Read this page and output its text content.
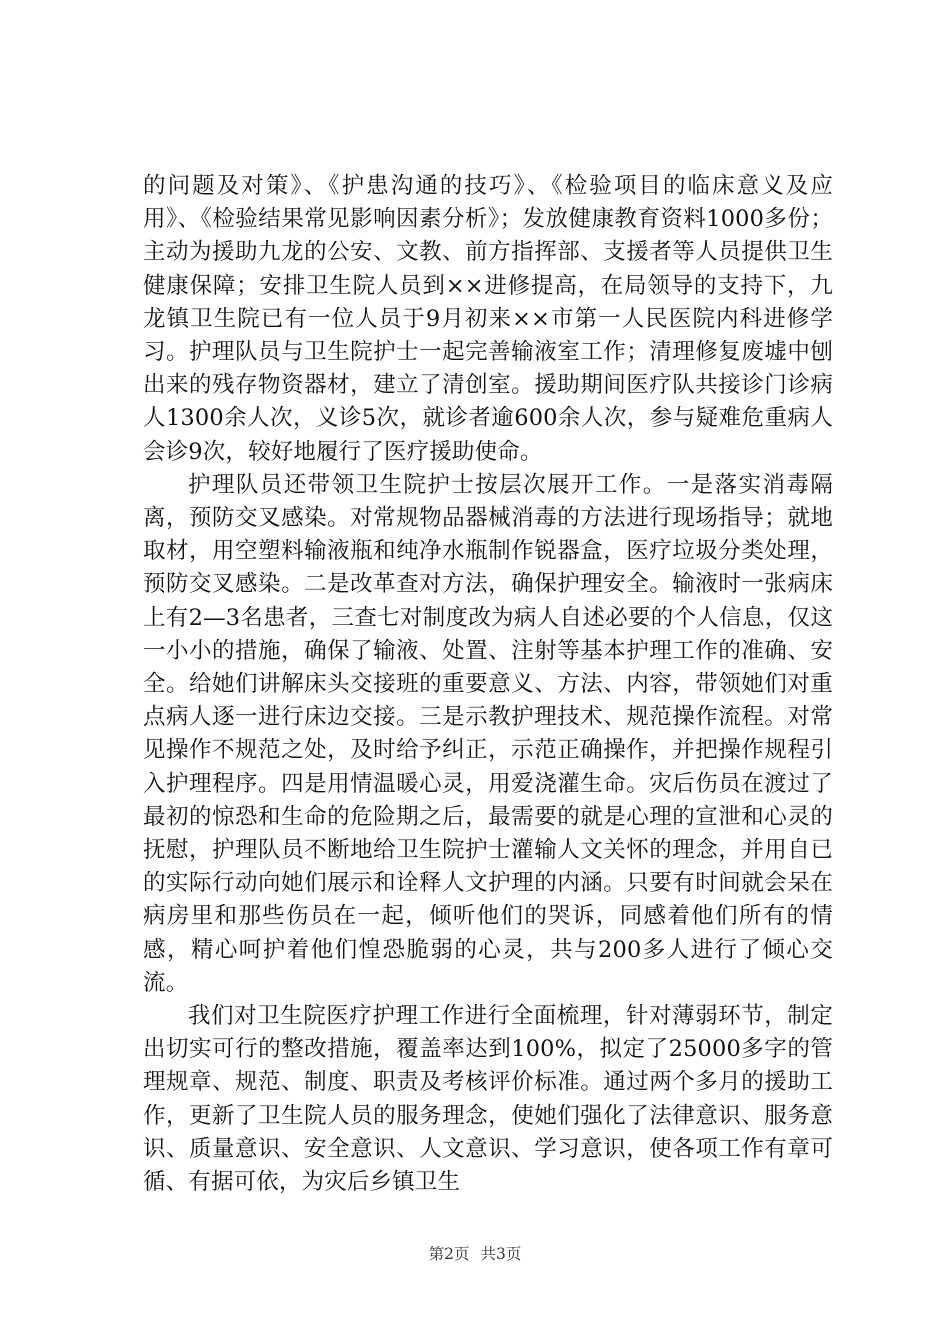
的问题及对策》、《护患沟通的技巧》、《检验项目的临床意义及应用》、《检验结果常见影响因素分析》；发放健康教育资料1000多份；主动为援助九龙的公安、文教、前方指挥部、支援者等人员提供卫生健康保障；安排卫生院人员到××进修提高，在局领导的支持下，九龙镇卫生院已有一位人员于9月初来××市第一人民医院内科进修学习。护理队员与卫生院护士一起完善输液室工作；清理修复废墟中刨出来的残存物资器材，建立了清创室。援助期间医疗队共接诊门诊病人1300余人次，义诊5次，就诊者逾600余人次，参与疑难危重病人会诊9次，较好地履行了医疗援助使命。

护理队员还带领卫生院护士按层次展开工作。一是落实消毒隔离，预防交叉感染。对常规物品器械消毒的方法进行现场指导；就地取材，用空塑料输液瓶和纯净水瓶制作锐器盒，医疗垃圾分类处理，预防交叉感染。二是改革查对方法，确保护理安全。输液时一张病床上有2—3名患者，三查七对制度改为病人自述必要的个人信息，仅这一小小的措施，确保了输液、处置、注射等基本护理工作的准确、安全。给她们讲解床头交接班的重要意义、方法、内容，带领她们对重点病人逐一进行床边交接。三是示教护理技术、规范操作流程。对常见操作不规范之处，及时给予纠正，示范正确操作，并把操作规程引入护理程序。四是用情温暖心灵，用爱浇灌生命。灾后伤员在渡过了最初的惊恐和生命的危险期之后，最需要的就是心理的宣泄和心灵的抚慰，护理队员不断地给卫生院护士灌输人文关怀的理念，并用自已的实际行动向她们展示和诠释人文护理的内涵。只要有时间就会呆在病房里和那些伤员在一起，倾听他们的哭诉，同感着他们所有的情感，精心呵护着他们惶恐脆弱的心灵，共与200多人进行了倾心交流。

我们对卫生院医疗护理工作进行全面梳理，针对薄弱环节，制定出切实可行的整改措施，覆盖率达到100%，拟定了25000多字的管理规章、规范、制度、职责及考核评价标准。通过两个多月的援助工作，更新了卫生院人员的服务理念，使她们强化了法律意识、服务意识、质量意识、安全意识、人文意识、学习意识，使各项工作有章可循、有据可依，为灾后乡镇卫生

第2页 共3页
